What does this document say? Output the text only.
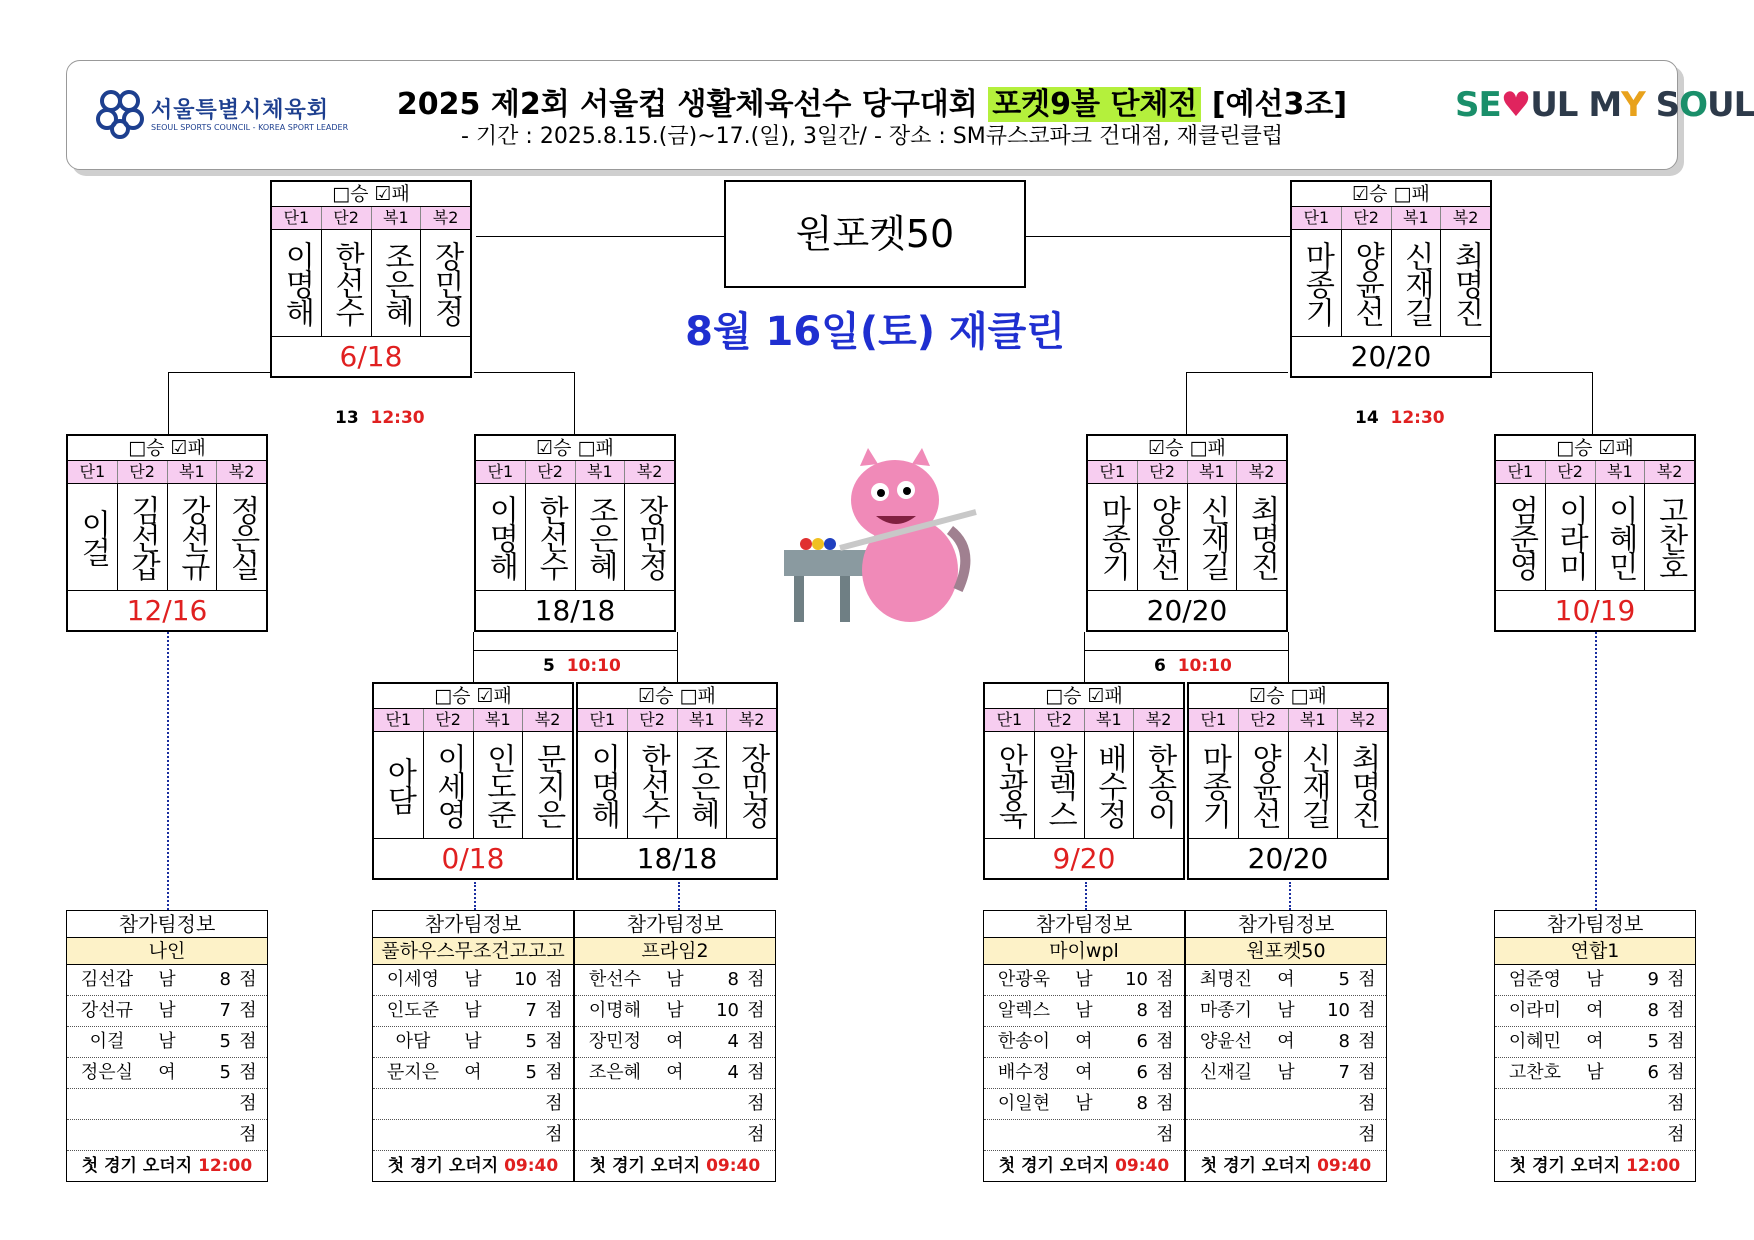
서울특별시체육회
SEOUL SPORTS COUNCIL - KOREA SPORT LEADER
2025 제2회 서울컵 생활체육선수 당구대회 포켓9볼 단체전 [예선3조]
- 기간 : 2025.8.15.(금)~17.(일), 3일간/ - 장소 : SM큐스코파크 건대점, 재클린클럽
SE♥UL MY SOUL
원포켓50
8월 16일(토) 재클린
13 12:30	14 12:30
5 10:10	6 10:10
□승 ☑패
단1	단2	복1	복2
이명해 한선수 조은혜 장민정
6/18
☑승 □패
단1	단2	복1	복2
마종기 양윤선 신재길 최명진
20/20
□승 ☑패
단1	단2	복1	복2
이걸 김선갑 강선규 정은실
12/16
☑승 □패
단1	단2	복1	복2
이명해 한선수 조은혜 장민정
18/18
☑승 □패
단1	단2	복1	복2
마종기 양윤선 신재길 최명진
20/20
□승 ☑패
단1	단2	복1	복2
엄준영 이라미 이혜민 고찬호
10/19
□승 ☑패
단1	단2	복1	복2
아담 이세영 인도준 문지은
0/18
☑승 □패
단1	단2	복1	복2
이명해 한선수 조은혜 장민정
18/18
□승 ☑패
단1	단2	복1	복2
안광욱 알렉스 배수정 한송이
9/20
☑승 □패
단1	단2	복1	복2
마종기 양윤선 신재길 최명진
20/20
참가팀정보
나인
김선갑	남	8 점
강선규	남	7 점
이걸	남	5 점
정은실	여	5 점
점
점
첫 경기 오더지 12:00
참가팀정보
풀하우스무조건고고고
이세영	남	10 점
인도준	남	7 점
아담	남	5 점
문지은	여	5 점
점
점
첫 경기 오더지 09:40
참가팀정보
프라임2
한선수	남	8 점
이명해	남	10 점
장민정	여	4 점
조은혜	여	4 점
점
점
첫 경기 오더지 09:40
참가팀정보
마이wpl
안광욱	남	10 점
알렉스	남	8 점
한송이	여	6 점
배수정	여	6 점
이일현	남	8 점
점
첫 경기 오더지 09:40
참가팀정보
원포켓50
최명진	여	5 점
마종기	남	10 점
양윤선	여	8 점
신재길	남	7 점
점
점
첫 경기 오더지 09:40
참가팀정보
연합1
엄준영	남	9 점
이라미	여	8 점
이혜민	여	5 점
고찬호	남	6 점
점
점
첫 경기 오더지 12:00
